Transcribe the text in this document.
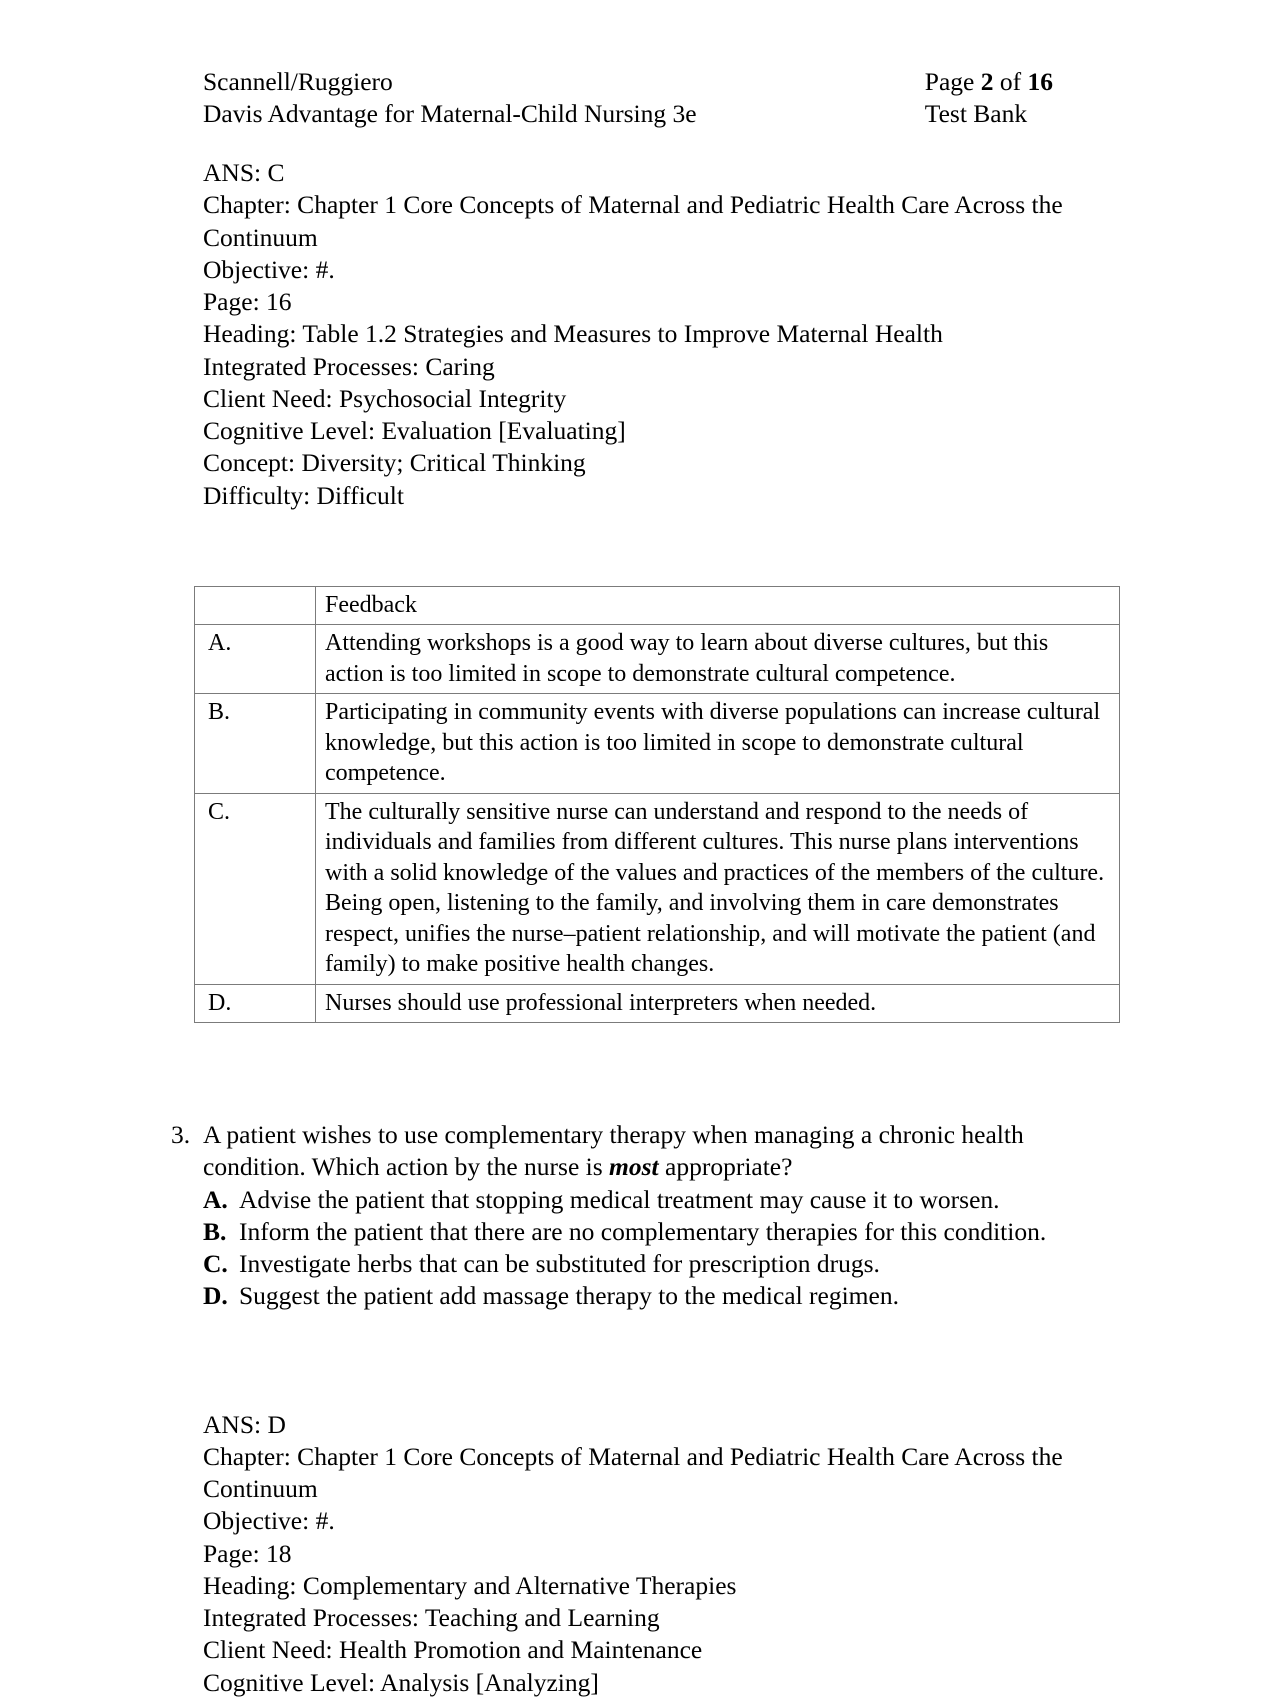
Scannell/Ruggiero
Davis Advantage for Maternal-Child Nursing 3e
Page 2 of 16
Test Bank
ANS: C
Chapter: Chapter 1 Core Concepts of Maternal and Pediatric Health Care Across the Continuum
Objective: #.
Page: 16
Heading: Table 1.2 Strategies and Measures to Improve Maternal Health
Integrated Processes: Caring
Client Need: Psychosocial Integrity
Cognitive Level: Evaluation [Evaluating]
Concept: Diversity; Critical Thinking
Difficulty: Difficult
	Feedback
A.	Attending workshops is a good way to learn about diverse cultures, but this action is too limited in scope to demonstrate cultural competence.
B.	Participating in community events with diverse populations can increase cultural knowledge, but this action is too limited in scope to demonstrate cultural competence.
C.	The culturally sensitive nurse can understand and respond to the needs of individuals and families from different cultures. This nurse plans interventions with a solid knowledge of the values and practices of the members of the culture. Being open, listening to the family, and involving them in care demonstrates respect, unifies the nurse–patient relationship, and will motivate the patient (and family) to make positive health changes.
D.	Nurses should use professional interpreters when needed.
3. A patient wishes to use complementary therapy when managing a chronic health condition. Which action by the nurse is most appropriate?
A. Advise the patient that stopping medical treatment may cause it to worsen.
B. Inform the patient that there are no complementary therapies for this condition.
C. Investigate herbs that can be substituted for prescription drugs.
D. Suggest the patient add massage therapy to the medical regimen.
ANS: D
Chapter: Chapter 1 Core Concepts of Maternal and Pediatric Health Care Across the Continuum
Objective: #.
Page: 18
Heading: Complementary and Alternative Therapies
Integrated Processes: Teaching and Learning
Client Need: Health Promotion and Maintenance
Cognitive Level: Analysis [Analyzing]
